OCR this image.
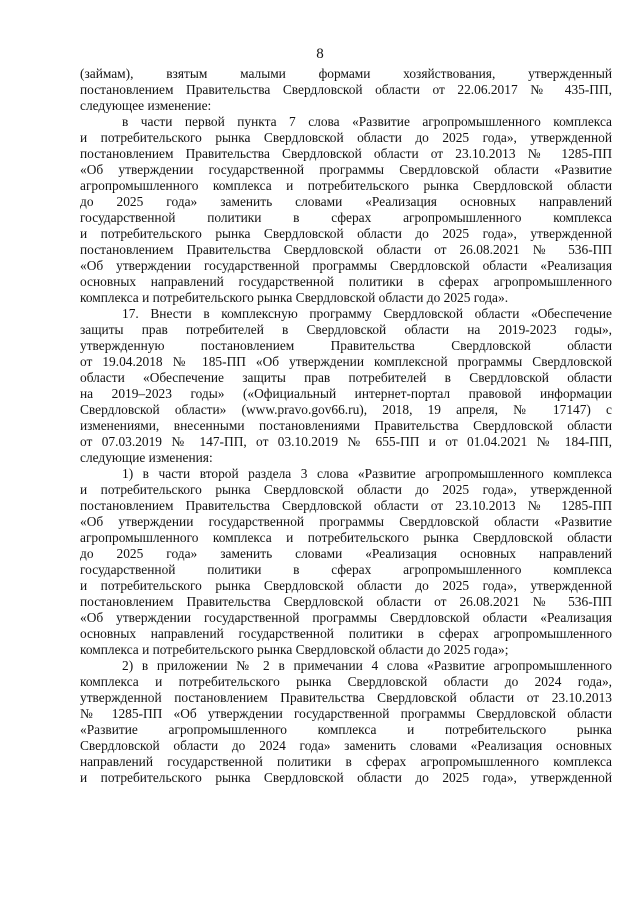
8
(займам), взятым малыми формами хозяйствования, утвержденный
постановлением Правительства Свердловской области от 22.06.2017 № 435-ПП,
следующее изменение:
в части первой пункта 7 слова «Развитие агропромышленного комплекса
и потребительского рынка Свердловской области до 2025 года», утвержденной
постановлением Правительства Свердловской области от 23.10.2013 № 1285-ПП
«Об утверждении государственной программы Свердловской области «Развитие
агропромышленного комплекса и потребительского рынка Свердловской области
до 2025 года» заменить словами «Реализация основных направлений
государственной политики в сферах агропромышленного комплекса
и потребительского рынка Свердловской области до 2025 года», утвержденной
постановлением Правительства Свердловской области от 26.08.2021 № 536-ПП
«Об утверждении государственной программы Свердловской области «Реализация
основных направлений государственной политики в сферах агропромышленного
комплекса и потребительского рынка Свердловской области до 2025 года».
17. Внести в комплексную программу Свердловской области «Обеспечение
защиты прав потребителей в Свердловской области на 2019-2023 годы»,
утвержденную постановлением Правительства Свердловской области
от 19.04.2018 № 185-ПП «Об утверждении комплексной программы Свердловской
области «Обеспечение защиты прав потребителей в Свердловской области
на 2019–2023 годы» («Официальный интернет-портал правовой информации
Свердловской области» (www.pravo.gov66.ru), 2018, 19 апреля, № 17147) с
изменениями, внесенными постановлениями Правительства Свердловской области
от 07.03.2019 № 147-ПП, от 03.10.2019 № 655-ПП и от 01.04.2021 № 184-ПП,
следующие изменения:
1) в части второй раздела 3 слова «Развитие агропромышленного комплекса
и потребительского рынка Свердловской области до 2025 года», утвержденной
постановлением Правительства Свердловской области от 23.10.2013 № 1285-ПП
«Об утверждении государственной программы Свердловской области «Развитие
агропромышленного комплекса и потребительского рынка Свердловской области
до 2025 года» заменить словами «Реализация основных направлений
государственной политики в сферах агропромышленного комплекса
и потребительского рынка Свердловской области до 2025 года», утвержденной
постановлением Правительства Свердловской области от 26.08.2021 № 536-ПП
«Об утверждении государственной программы Свердловской области «Реализация
основных направлений государственной политики в сферах агропромышленного
комплекса и потребительского рынка Свердловской области до 2025 года»;
2) в приложении № 2 в примечании 4 слова «Развитие агропромышленного
комплекса и потребительского рынка Свердловской области до 2024 года»,
утвержденной постановлением Правительства Свердловской области от 23.10.2013
№ 1285-ПП «Об утверждении государственной программы Свердловской области
«Развитие агропромышленного комплекса и потребительского рынка
Свердловской области до 2024 года» заменить словами «Реализация основных
направлений государственной политики в сферах агропромышленного комплекса
и потребительского рынка Свердловской области до 2025 года», утвержденной
